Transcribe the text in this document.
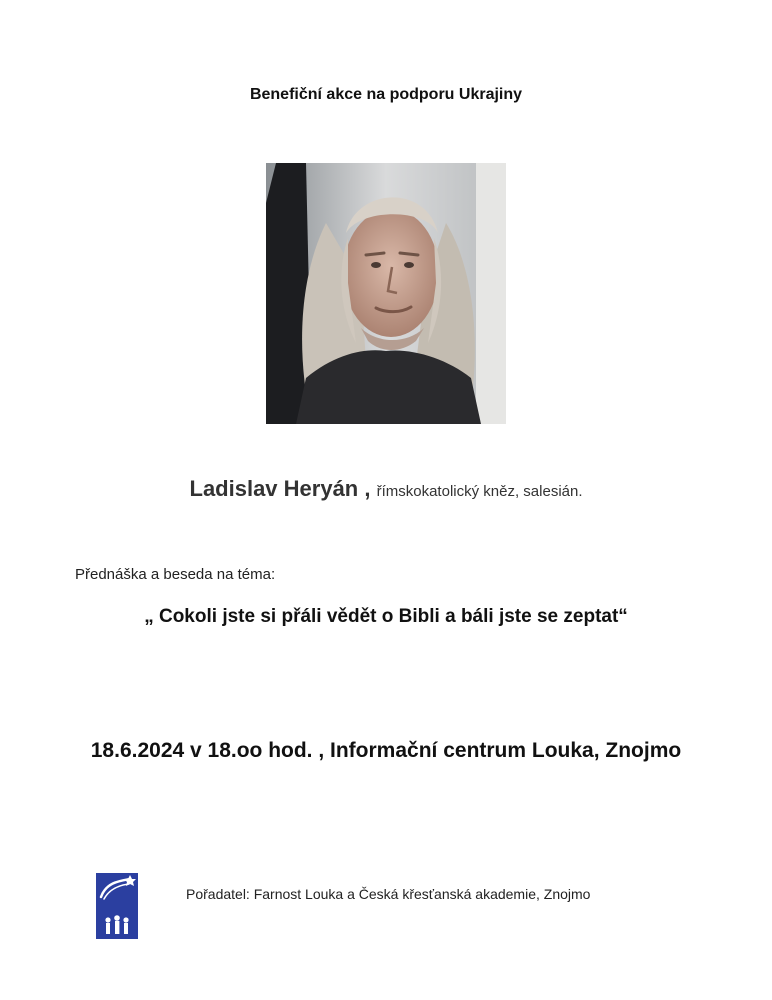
Benefiční akce na podporu Ukrajiny
Ladislav Heryán , římskokatolický kněz, salesián.
Přednáška a beseda na téma:
„ Cokoli jste si přáli vědět o Bibli a báli jste se zeptat“
18.6.2024 v 18.oo hod. , Informační centrum Louka, Znojmo
Pořadatel: Farnost Louka a Česká křesťanská akademie, Znojmo
